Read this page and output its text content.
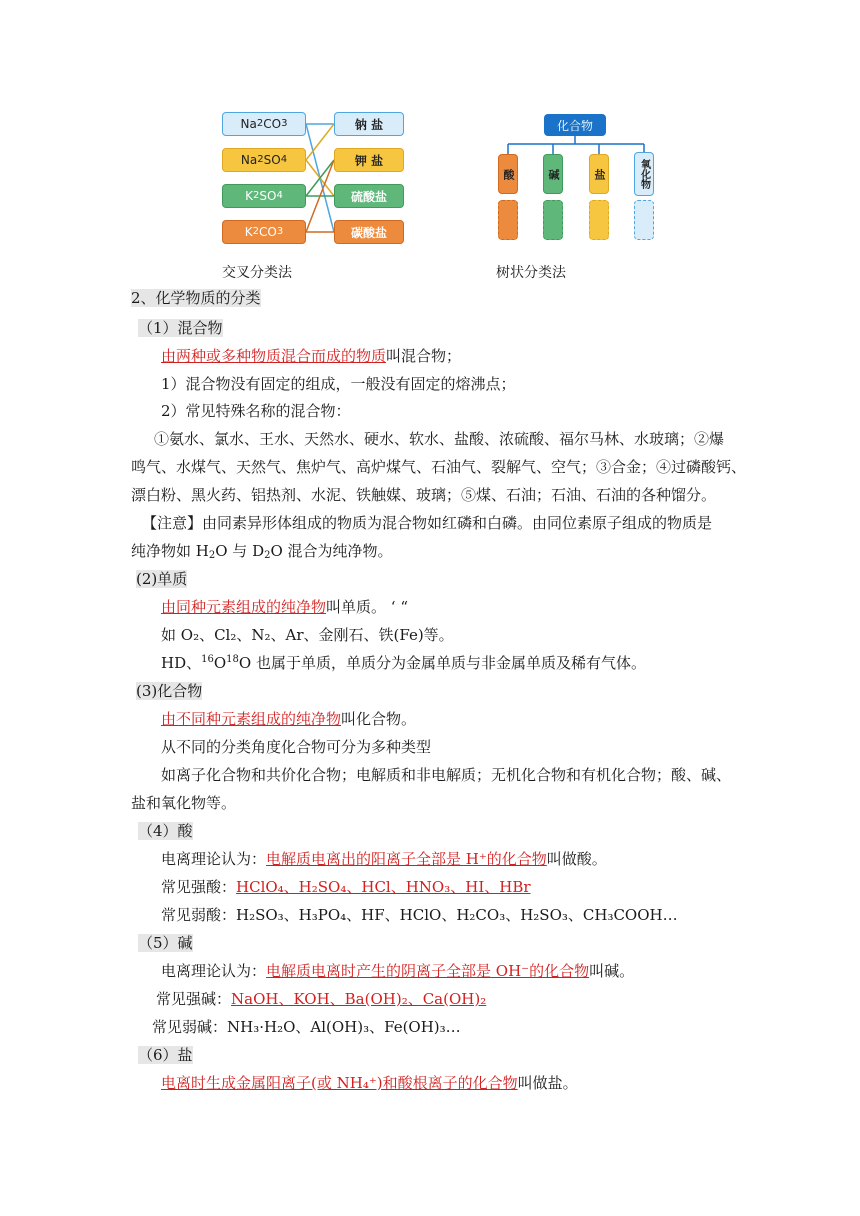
Na 2 CO 3
Na 2 SO 4
K 2 SO 4
K 2 CO 3
钠 盐
钾 盐
硫酸盐
碳酸盐
交叉分类法
化合物
酸	碱	盐	氧化物
树状分类法
2、化学物质的分类
（1）混合物
由两种或多种物质混合而成的物质叫混合物；
1）混合物没有固定的组成，一般没有固定的熔沸点；
2）常见特殊名称的混合物：
①氨水、氯水、王水、天然水、硬水、软水、盐酸、浓硫酸、福尔马林、水玻璃；②爆
鸣气、水煤气、天然气、焦炉气、高炉煤气、石油气、裂解气、空气；③合金；④过磷酸钙、
漂白粉、黑火药、铝热剂、水泥、铁触媒、玻璃；⑤煤、石油；石油、石油的各种馏分。
【注意】由同素异形体组成的物质为混合物如红磷和白磷。由同位素原子组成的物质是
纯净物如 $H_2O$ 与 $D_2O$ 混合为纯净物。
(2)单质
由同种元素组成的纯净物叫单质。 ‘ “
如 O₂、Cl₂、N₂、Ar、金刚石、铁(Fe)等。
HD、$^{16}O^{18}O$ 也属于单质，单质分为金属单质与非金属单质及稀有气体。
(3)化合物
由不同种元素组成的纯净物叫化合物。
从不同的分类角度化合物可分为多种类型
如离子化合物和共价化合物；电解质和非电解质；无机化合物和有机化合物；酸、碱、
盐和氧化物等。
（4）酸
电离理论认为：电解质电离出的阳离子全部是 H⁺的化合物叫做酸。
常见强酸：HClO₄、H₂SO₄、HCl、HNO₃、HI、HBr
常见弱酸：H₂SO₃、H₃PO₄、HF、HClO、H₂CO₃、H₂SO₃、CH₃COOH…
（5）碱
电离理论认为：电解质电离时产生的阴离子全部是 OH⁻的化合物叫碱。
常见强碱：NaOH、KOH、Ba(OH)₂、Ca(OH)₂
常见弱碱：NH₃·H₂O、Al(OH)₃、Fe(OH)₃…
（6）盐
电离时生成金属阳离子(或 NH₄⁺)和酸根离子的化合物叫做盐。
